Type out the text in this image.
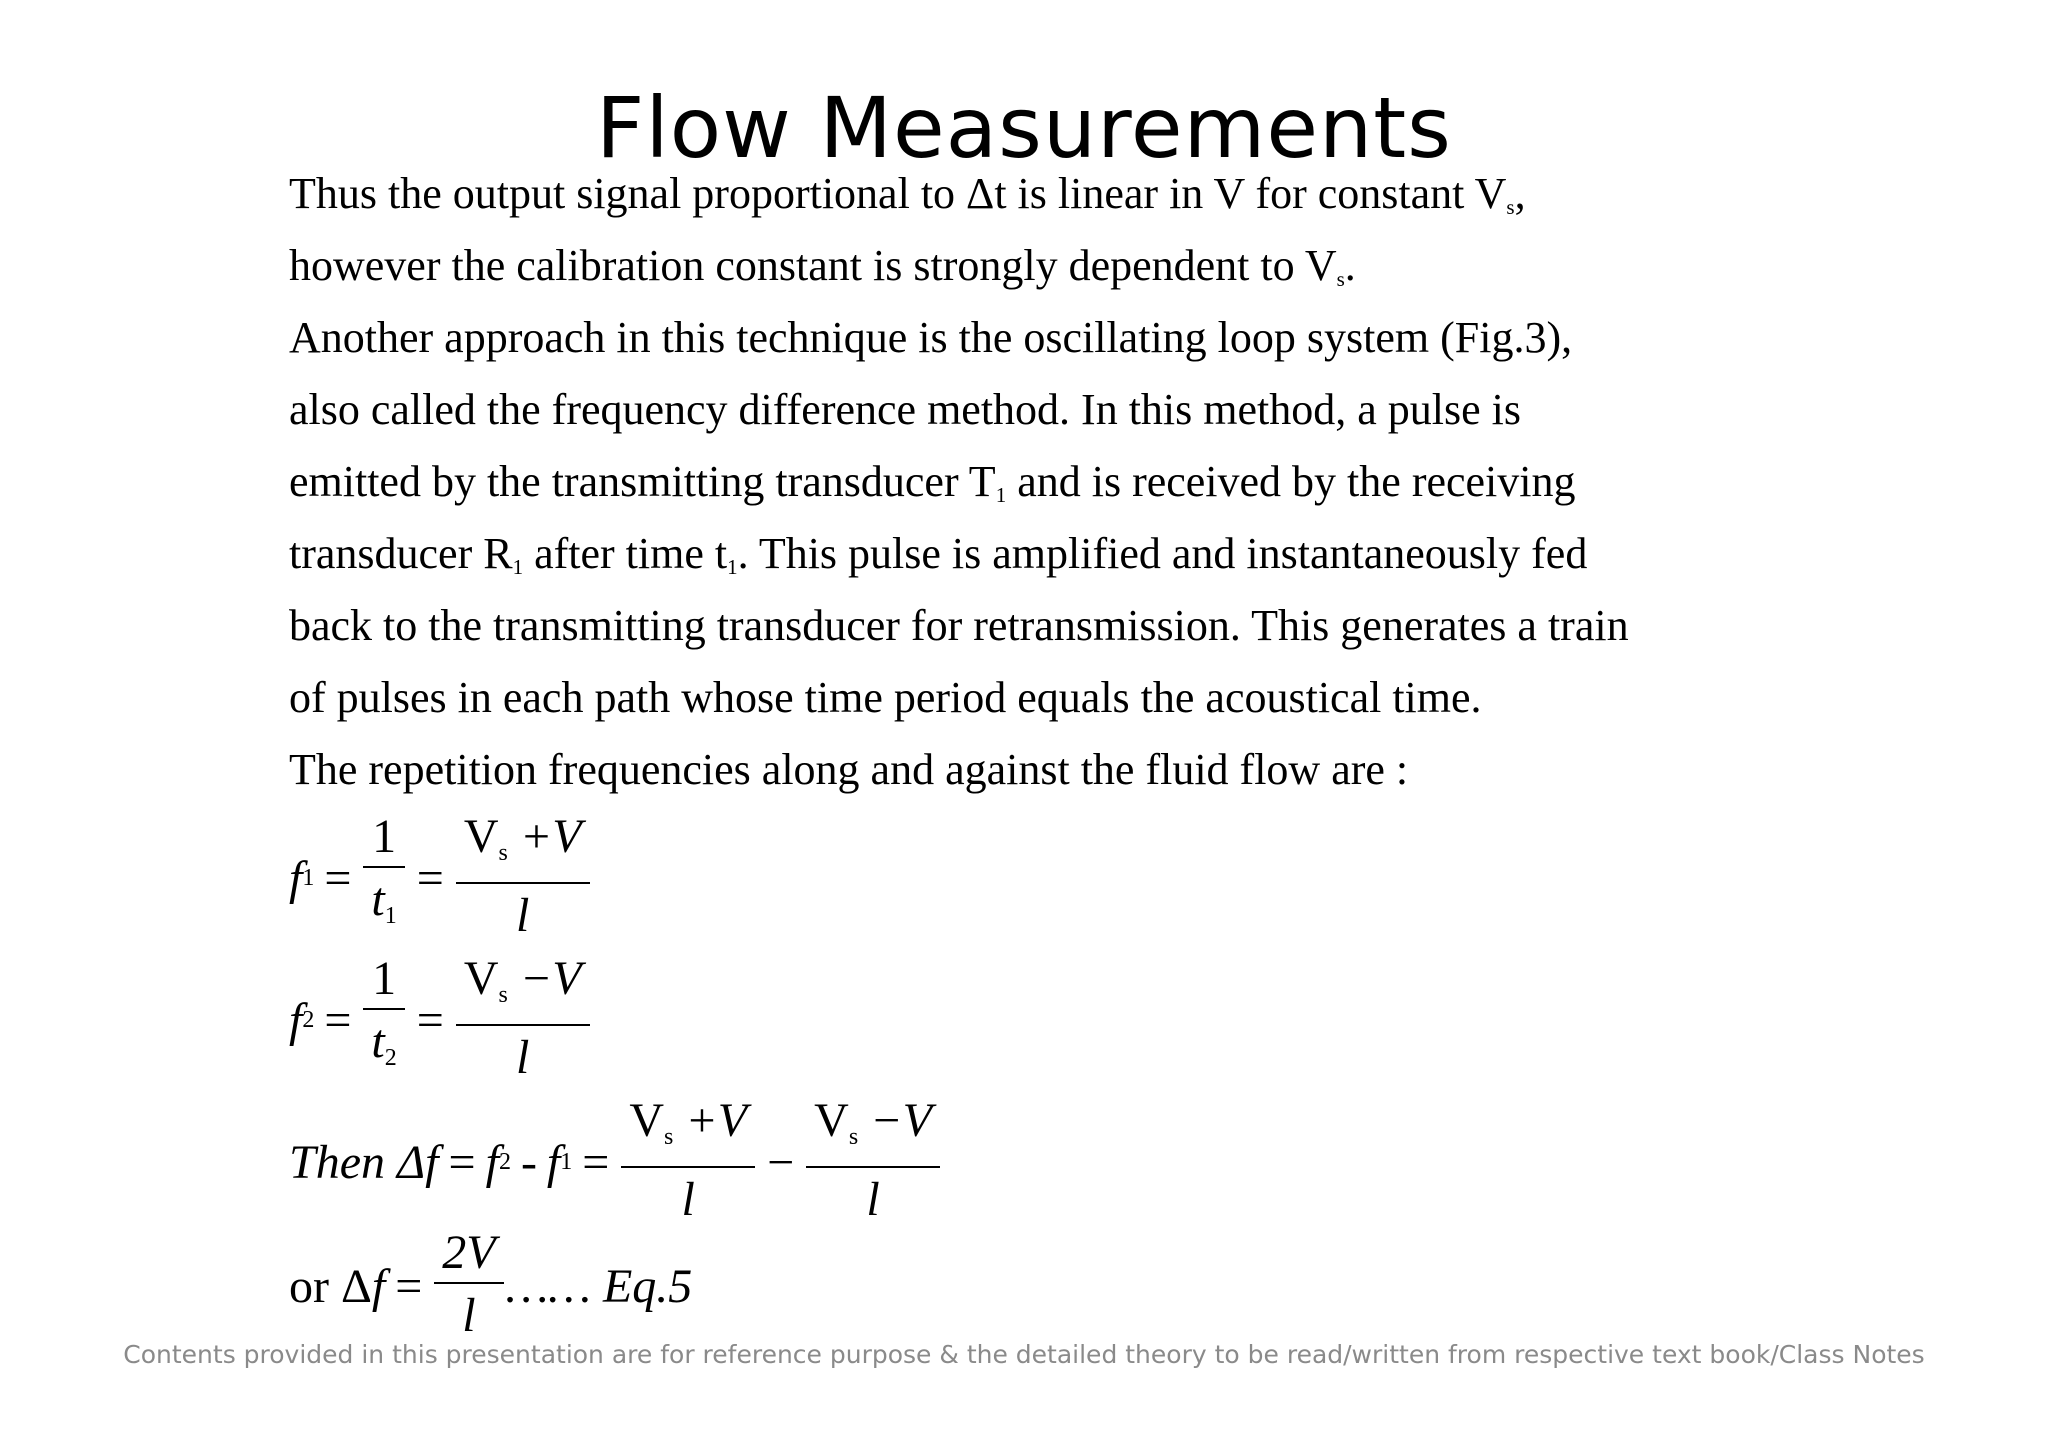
Flow Measurements
Thus the output signal proportional to Δt is linear in V for constant $V_s$,
however the calibration constant is strongly dependent to $V_s$.
Another approach in this technique is the oscillating loop system (Fig.3),
also called the frequency difference method. In this method, a pulse is
emitted by the transmitting transducer $T_1$ and is received by the receiving
transducer $R_1$ after time $t_1$. This pulse is amplified and instantaneously fed
back to the transmitting transducer for retransmission. This generates a train
of pulses in each path whose time period equals the acoustical time.
The repetition frequencies along and against the fluid flow are :
f $1 = \frac{1}{t1} = \frac{Vs +V}{l}$
f $2 = \frac{1}{t2} = \frac{Vs -V}{l}$
Then Δf = f 2 - f $1 = \frac{Vs +V}{l} - \frac{Vs -V}{l}$
or Δ $f = \frac{2V}{l}$ …… Eq.5
Contents provided in this presentation are for reference purpose & the detailed theory to be read/written from respective text book/Class Notes
